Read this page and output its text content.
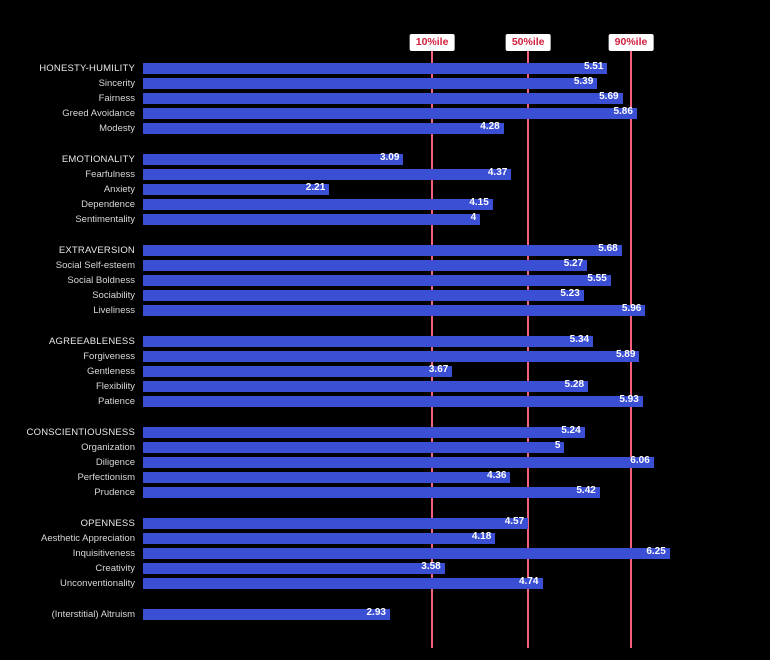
HONESTY-HUMILITY
Sincerity
Fairness
Greed Avoidance
Modesty
EMOTIONALITY
Fearfulness
Anxiety
Dependence
Sentimentality
EXTRAVERSION
Social Self-esteem
Social Boldness
Sociability
Liveliness
AGREEABLENESS
Forgiveness
Gentleness
Flexibility
Patience
CONSCIENTIOUSNESS
Organization
Diligence
Perfectionism
Prudence
OPENNESS
Aesthetic Appreciation
Inquisitiveness
Creativity
Unconventionality
(Interstitial) Altruism
5.51
5.39
5.69
5.86
4.28
3.09
4.37
2.21
4.15
4
5.68
5.27
5.55
5.23
5.96
5.34
5.89
3.67
5.28
5.93
5.24
5
6.06
4.36
5.42
4.57
4.18
6.25
3.58
4.74
2.93
10%ile	50%ile	90%ile
